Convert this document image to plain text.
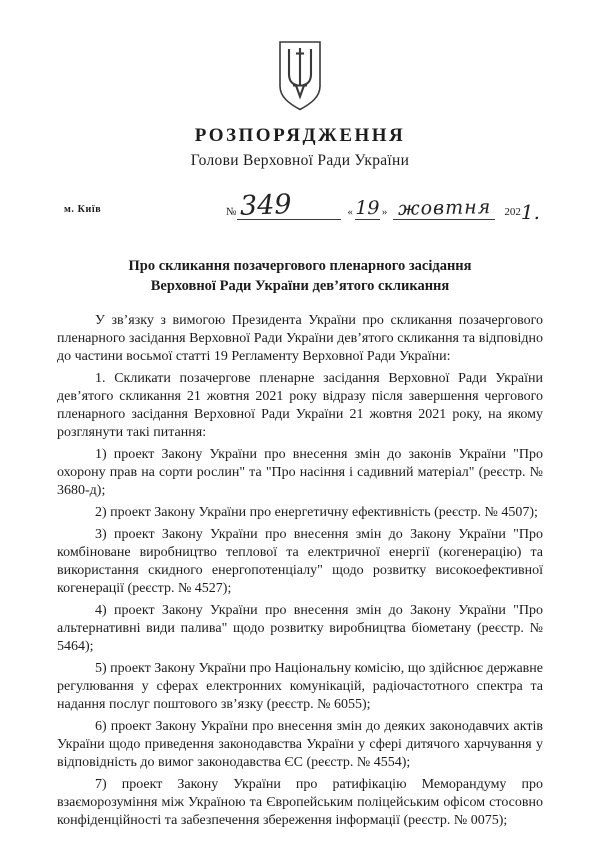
РОЗПОРЯДЖЕННЯ
Голови Верховної Ради України
м. Київ	№ 349	« 19 » жовтня	202 1.
Про скликання позачергового пленарного засідання
Верховної Ради України дев’ятого скликання

У зв’язку з вимогою Президента України про скликання позачергового пленарного засідання Верховної Ради України дев’ятого скликання та відповідно до частини восьмої статті 19 Регламенту Верховної Ради України:

1. Скликати позачергове пленарне засідання Верховної Ради України дев’ятого скликання 21 жовтня 2021 року відразу після завершення чергового пленарного засідання Верховної Ради України 21 жовтня 2021 року, на якому розглянути такі питання:

1) проект Закону України про внесення змін до законів України "Про охорону прав на сорти рослин" та "Про насіння і садивний матеріал" (реєстр. № 3680-д);

2) проект Закону України про енергетичну ефективність (реєстр. № 4507);

3) проект Закону України про внесення змін до Закону України "Про комбіноване виробництво теплової та електричної енергії (когенерацію) та використання скидного енергопотенціалу" щодо розвитку високоефективної когенерації (реєстр. № 4527);

4) проект Закону України про внесення змін до Закону України "Про альтернативні види палива" щодо розвитку виробництва біометану (реєстр. № 5464);

5) проект Закону України про Національну комісію, що здійснює державне регулювання у сферах електронних комунікацій, радіочастотного спектра та надання послуг поштового зв’язку (реєстр. № 6055);

6) проект Закону України про внесення змін до деяких законодавчих актів України щодо приведення законодавства України у сфері дитячого харчування у відповідність до вимог законодавства ЄС (реєстр. № 4554);

7) проект Закону України про ратифікацію Меморандуму про взаєморозуміння між Україною та Європейським поліцейським офісом стосовно конфіденційності та забезпечення збереження інформації (реєстр. № 0075);
